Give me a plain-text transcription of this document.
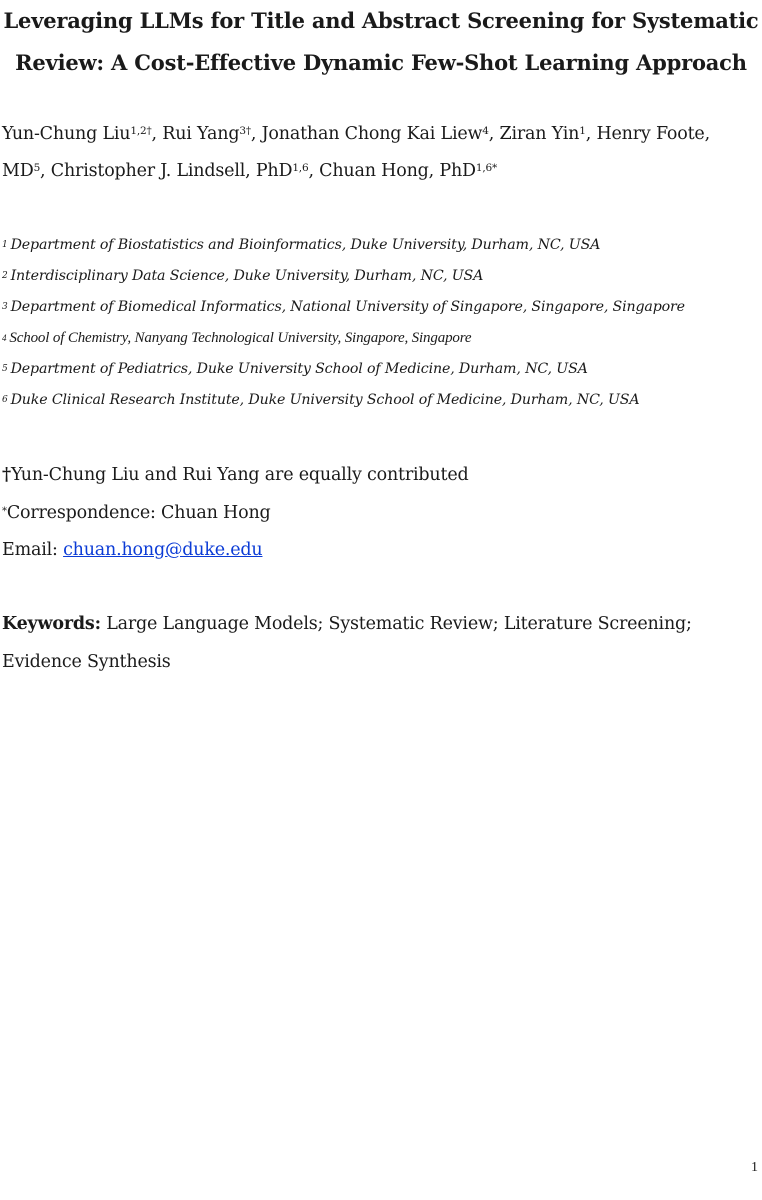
Leveraging LLMs for Title and Abstract Screening for Systematic
Review: A Cost-Effective Dynamic Few-Shot Learning Approach
Yun-Chung Liu$^{1,2\dagger}$, Rui Yang$^{3\dagger}$, Jonathan Chong Kai Liew$^4$, Ziran Yin$^1$, Henry Foote,
$MD^5$, Christopher J. Lindsell, PhD$^{1,6}$, Chuan Hong, PhD$^{1,6*}$
$^1$ Department of Biostatistics and Bioinformatics, Duke University, Durham, NC, USA
$^2$ Interdisciplinary Data Science, Duke University, Durham, NC, USA
$^3$ Department of Biomedical Informatics, National University of Singapore, Singapore, Singapore
$^4$ School of Chemistry, Nanyang Technological University, Singapore, Singapore
$^5$ Department of Pediatrics, Duke University School of Medicine, Durham, NC, USA
$^6$ Duke Clinical Research Institute, Duke University School of Medicine, Durham, NC, USA
†Yun-Chung Liu and Rui Yang are equally contributed
*Correspondence: Chuan Hong
Email: chuan.hong@duke.edu
Keywords: Large Language Models; Systematic Review; Literature Screening;
Evidence Synthesis
1
